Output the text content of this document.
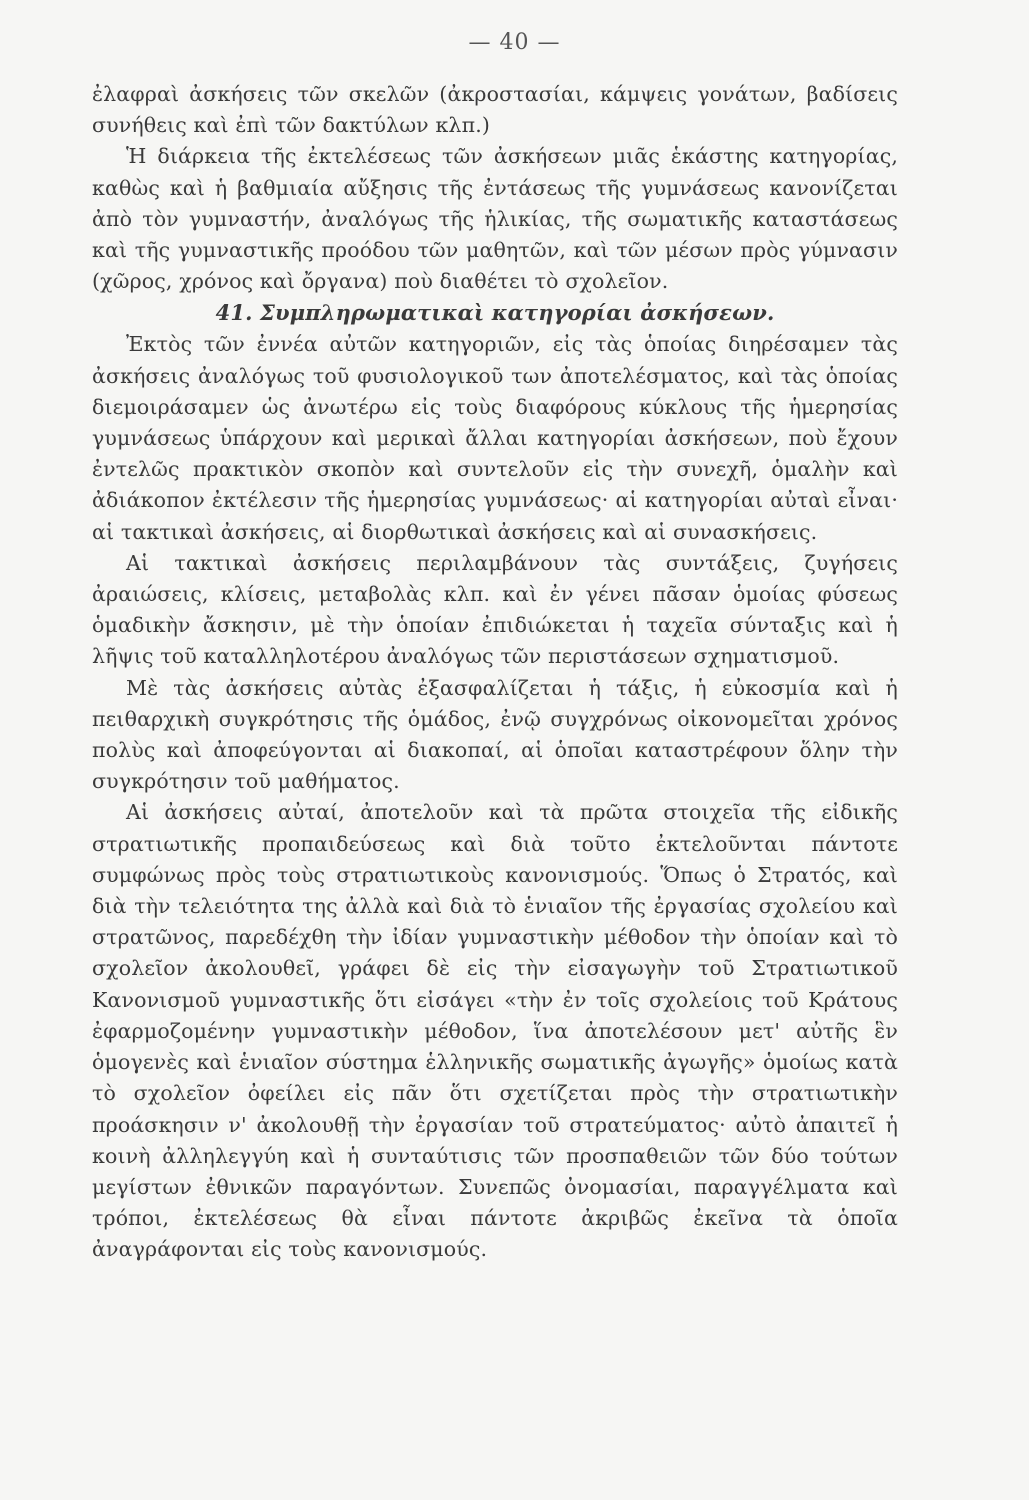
— 40 —

ἐλαφραὶ ἀσκήσεις τῶν σκελῶν (ἀκροστασίαι, κάμψεις γονάτων, βαδίσεις συνήθεις καὶ ἐπὶ τῶν δακτύλων κλπ.)

Ἡ διάρκεια τῆς ἐκτελέσεως τῶν ἀσκήσεων μιᾶς ἑκάστης κατηγορίας, καθὼς καὶ ἡ βαθμιαία αὔξησις τῆς ἐντάσεως τῆς γυμνάσεως κανονίζεται ἀπὸ τὸν γυμναστήν, ἀναλόγως τῆς ἡλικίας, τῆς σωματικῆς καταστάσεως καὶ τῆς γυμναστικῆς προόδου τῶν μαθητῶν, καὶ τῶν μέσων πρὸς γύμνασιν (χῶρος, χρόνος καὶ ὄργανα) ποὺ διαθέτει τὸ σχολεῖον.

41. Συμπληρωματικαὶ κατηγορίαι ἀσκήσεων.

Ἐκτὸς τῶν ἐννέα αὐτῶν κατηγοριῶν, εἰς τὰς ὁποίας διηρέσαμεν τὰς ἀσκήσεις ἀναλόγως τοῦ φυσιολογικοῦ των ἀποτελέσματος, καὶ τὰς ὁποίας διεμοιράσαμεν ὡς ἀνωτέρω εἰς τοὺς διαφόρους κύκλους τῆς ἡμερησίας γυμνάσεως ὑπάρχουν καὶ μερικαὶ ἄλλαι κατηγορίαι ἀσκήσεων, ποὺ ἔχουν ἐντελῶς πρακτικὸν σκοπὸν καὶ συντελοῦν εἰς τὴν συνεχῆ, ὁμαλὴν καὶ ἀδιάκοπον ἐκτέλεσιν τῆς ἡμερησίας γυμνάσεως· αἱ κατηγορίαι αὐταὶ εἶναι· αἱ τακτικαὶ ἀσκήσεις, αἱ διορθωτικαὶ ἀσκήσεις καὶ αἱ συνασκήσεις.

Αἱ τακτικαὶ ἀσκήσεις περιλαμβάνουν τὰς συντάξεις, ζυγήσεις ἀραιώσεις, κλίσεις, μεταβολὰς κλπ. καὶ ἐν γένει πᾶσαν ὁμοίας φύσεως ὁμαδικὴν ἄσκησιν, μὲ τὴν ὁποίαν ἐπιδιώκεται ἡ ταχεῖα σύνταξις καὶ ἡ λῆψις τοῦ καταλληλοτέρου ἀναλόγως τῶν περιστάσεων σχηματισμοῦ.

Μὲ τὰς ἀσκήσεις αὐτὰς ἐξασφαλίζεται ἡ τάξις, ἡ εὐκοσμία καὶ ἡ πειθαρχικὴ συγκρότησις τῆς ὁμάδος, ἐνῷ συγχρόνως οἰκονομεῖται χρόνος πολὺς καὶ ἀποφεύγονται αἱ διακοπαί, αἱ ὁποῖαι καταστρέφουν ὅλην τὴν συγκρότησιν τοῦ μαθήματος.

Αἱ ἀσκήσεις αὐταί, ἀποτελοῦν καὶ τὰ πρῶτα στοιχεῖα τῆς εἰδικῆς στρατιωτικῆς προπαιδεύσεως καὶ διὰ τοῦτο ἐκτελοῦνται πάντοτε συμφώνως πρὸς τοὺς στρατιωτικοὺς κανονισμούς. Ὅπως ὁ Στρατός, καὶ διὰ τὴν τελειότητα της ἀλλὰ καὶ διὰ τὸ ἑνιαῖον τῆς ἐργασίας σχολείου καὶ στρατῶνος, παρεδέχθη τὴν ἰδίαν γυμναστικὴν μέθοδον τὴν ὁποίαν καὶ τὸ σχολεῖον ἀκολουθεῖ, γράφει δὲ εἰς τὴν εἰσαγωγὴν τοῦ Στρατιωτικοῦ Κανονισμοῦ γυμναστικῆς ὅτι εἰσάγει «τὴν ἐν τοῖς σχολείοις τοῦ Κράτους ἐφαρμοζομένην γυμναστικὴν μέθοδον, ἵνα ἀποτελέσουν μετ' αὐτῆς ἓν ὁμογενὲς καὶ ἑνιαῖον σύστημα ἑλληνικῆς σωματικῆς ἀγωγῆς» ὁμοίως κατὰ τὸ σχολεῖον ὀφείλει εἰς πᾶν ὅτι σχετίζεται πρὸς τὴν στρατιωτικὴν προάσκησιν ν' ἀκολουθῇ τὴν ἐργασίαν τοῦ στρατεύματος· αὐτὸ ἀπαιτεῖ ἡ κοινὴ ἀλληλεγγύη καὶ ἡ συνταύτισις τῶν προσπαθειῶν τῶν δύο τούτων μεγίστων ἐθνικῶν παραγόντων. Συνεπῶς ὀνομασίαι, παραγγέλματα καὶ τρόποι, ἐκτελέσεως θὰ εἶναι πάντοτε ἀκριβῶς ἐκεῖνα τὰ ὁποῖα ἀναγράφονται εἰς τοὺς κανονισμούς.
